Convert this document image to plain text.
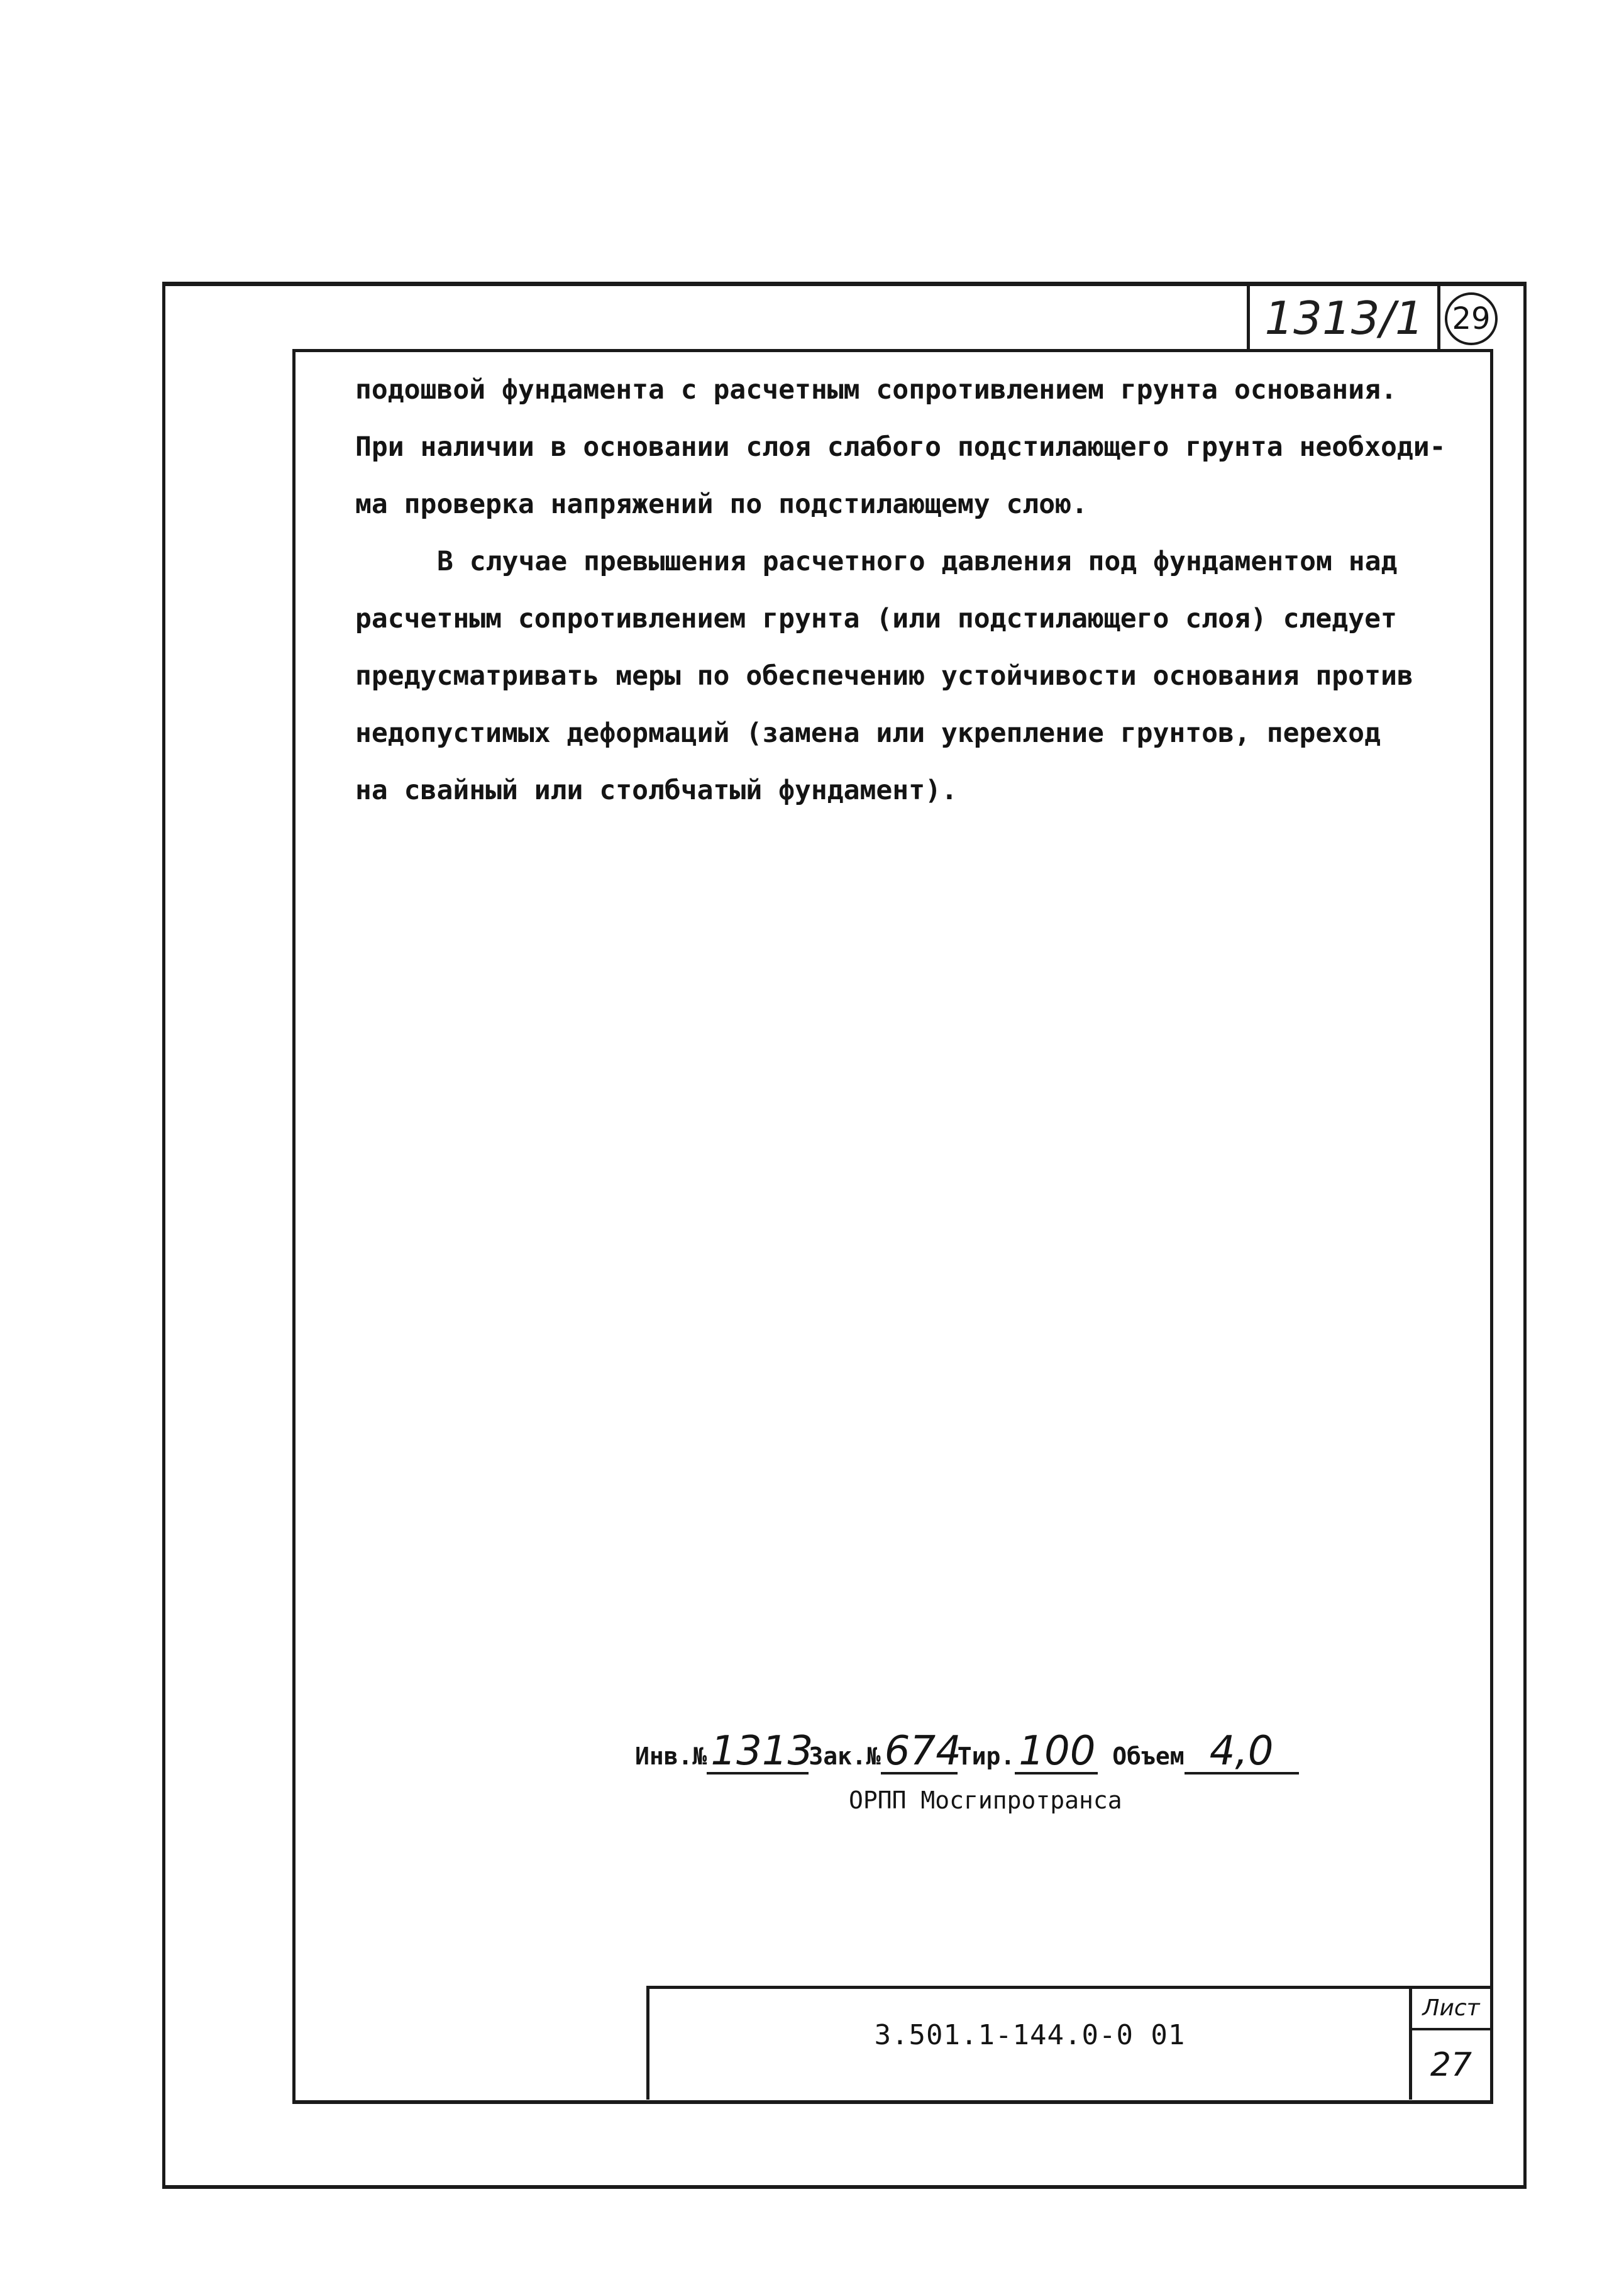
1313/1 29

подошвой фундамента с расчетным сопротивлением грунта основания.

При наличии в основании слоя слабого подстилающего грунта необходи-

ма проверка напряжений по подстилающему слою.

В случае превышения расчетного давления под фундаментом над

расчетным сопротивлением грунта (или подстилающего слоя) следует

предусматривать меры по обеспечению устойчивости основания против

недопустимых деформаций (замена или укрепление грунтов, переход

на свайный или столбчатый фундамент).

Инв.№1313Зак.№674Тир.100 Объем 4,0
ОРПП Мосгипротранса
3.501.1-144.0-0 01
Лист
27
